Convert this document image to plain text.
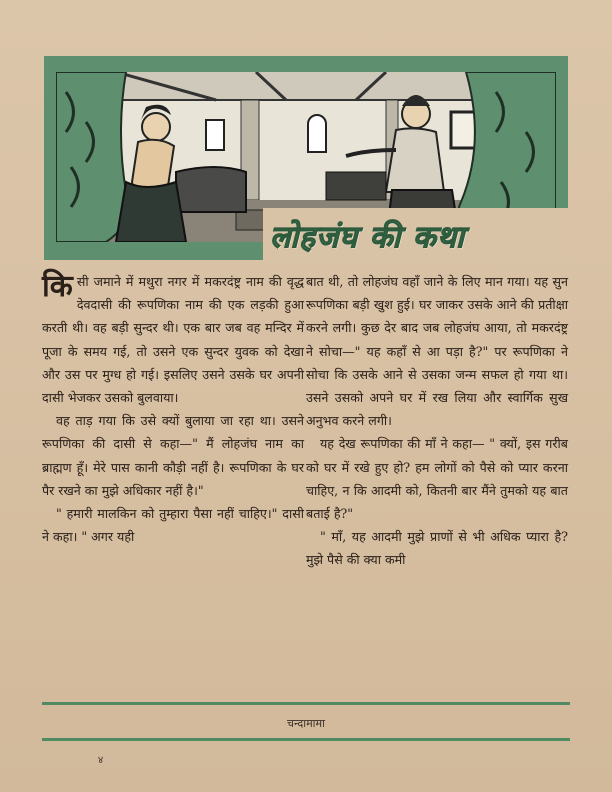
लोहजंघ की कथा

किसी जमाने में मथुरा नगर में मकरदंष्ट्र नाम की वृद्ध देवदासी की रूपणिका नाम की एक लड़की हुआ करती थी। वह बड़ी सुन्दर थी। एक बार जब वह मन्दिर में पूजा के समय गई, तो उसने एक सुन्दर युवक को देखा और उस पर मुग्ध हो गई। इसलिए उसने उसके घर अपनी दासी भेजकर उसको बुलवाया।

वह ताड़ गया कि उसे क्यों बुलाया जा रहा था। उसने रूपणिका की दासी से कहा—" मैं लोहजंघ नाम का ब्राह्मण हूँ। मेरे पास कानी कौड़ी नहीं है। रूपणिका के घर पैर रखने का मुझे अधिकार नहीं है।"

" हमारी मालकिन को तुम्हारा पैसा नहीं चाहिए।" दासी ने कहा। " अगर यही

बात थी, तो लोहजंघ वहाँ जाने के लिए मान गया। यह सुन रूपणिका बड़ी खुश हुई। घर जाकर उसके आने की प्रतीक्षा करने लगी। कुछ देर बाद जब लोहजंघ आया, तो मकरदंष्ट्र ने सोचा—" यह कहाँ से आ पड़ा है?" पर रूपणिका ने सोचा कि उसके आने से उसका जन्म सफल हो गया था। उसने उसको अपने घर में रख लिया और स्वार्गिक सुख अनुभव करने लगी।

यह देख रूपणिका की माँ ने कहा— " क्यों, इस गरीब को घर में रखे हुए हो? हम लोगों को पैसे को प्यार करना चाहिए, न कि आदमी को, कितनी बार मैंने तुमको यह बात बताई है?"

" माँ, यह आदमी मुझे प्राणों से भी अधिक प्यारा है? मुझे पैसे की क्या कमी

चन्दामामा
४
